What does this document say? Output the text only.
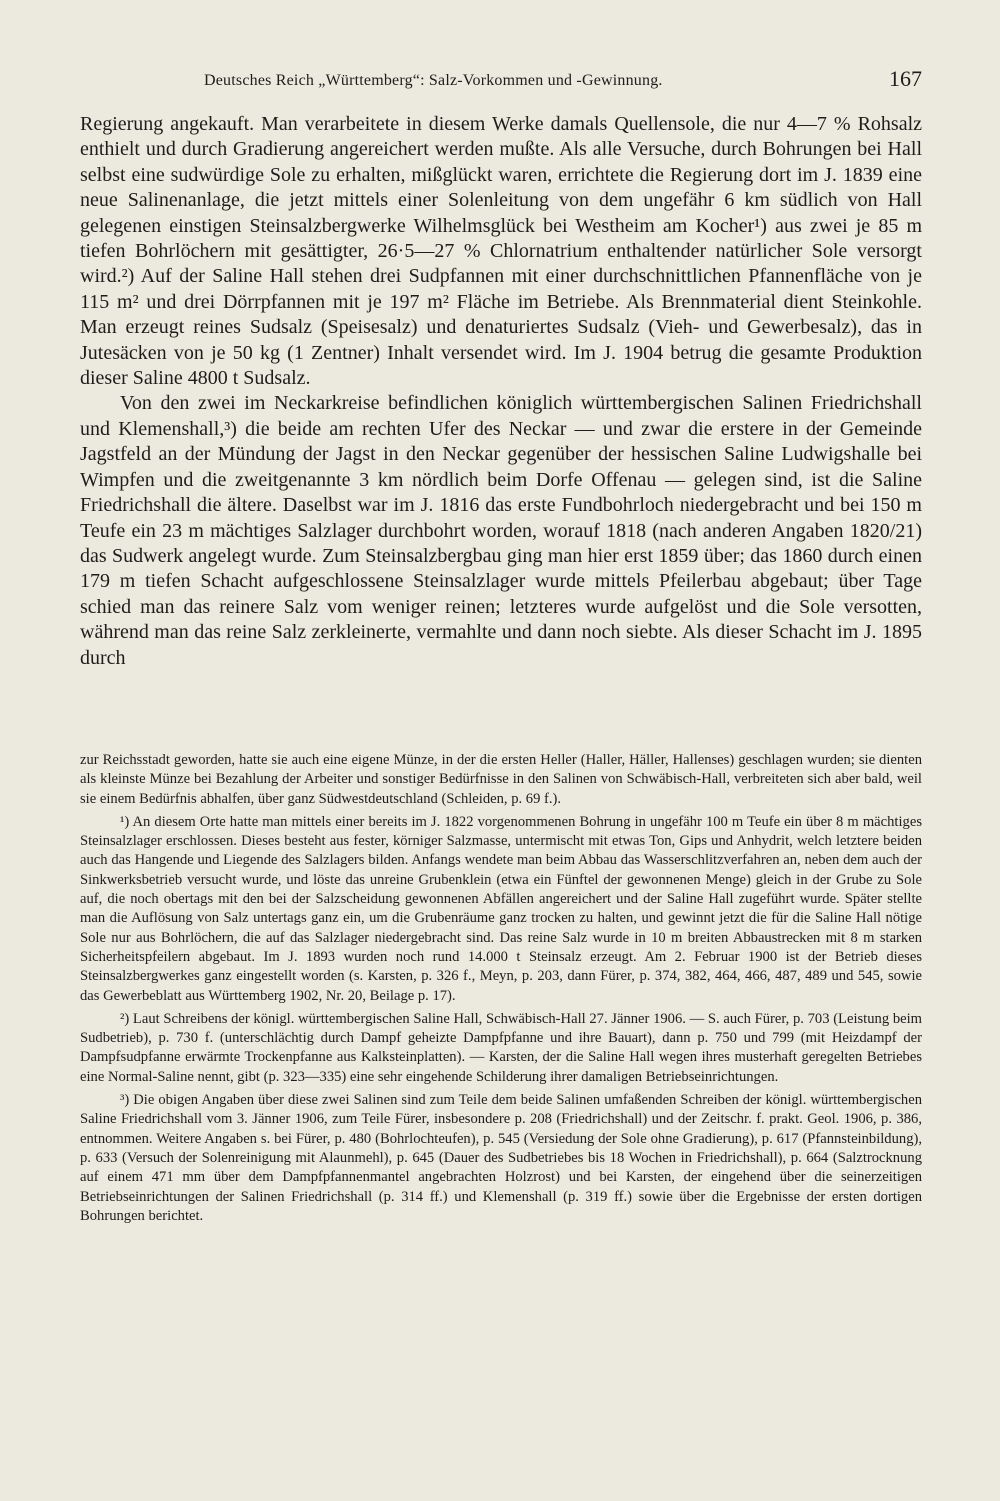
Deutsches Reich „Württemberg“: Salz-Vorkommen und -Gewinnung.	167

Regierung angekauft. Man verarbeitete in diesem Werke damals Quellensole, die nur 4—7 % Rohsalz enthielt und durch Gradierung angereichert werden mußte. Als alle Versuche, durch Bohrungen bei Hall selbst eine sudwürdige Sole zu erhalten, mißglückt waren, errichtete die Regierung dort im J. 1839 eine neue Salinenanlage, die jetzt mittels einer Solenleitung von dem ungefähr 6 km südlich von Hall gelegenen einstigen Steinsalzbergwerke Wilhelmsglück bei Westheim am Kocher¹) aus zwei je 85 m tiefen Bohrlöchern mit gesättigter, 26·5—27 % Chlornatrium enthaltender natürlicher Sole versorgt wird.²) Auf der Saline Hall stehen drei Sudpfannen mit einer durchschnittlichen Pfannenfläche von je 115 m² und drei Dörrpfannen mit je 197 m² Fläche im Betriebe. Als Brennmaterial dient Steinkohle. Man erzeugt reines Sudsalz (Speisesalz) und denaturiertes Sudsalz (Vieh- und Gewerbesalz), das in Jutesäcken von je 50 kg (1 Zentner) Inhalt versendet wird. Im J. 1904 betrug die gesamte Produktion dieser Saline 4800 t Sudsalz.

Von den zwei im Neckarkreise befindlichen königlich württembergischen Salinen Friedrichshall und Klemenshall,³) die beide am rechten Ufer des Neckar — und zwar die erstere in der Gemeinde Jagstfeld an der Mündung der Jagst in den Neckar gegenüber der hessischen Saline Ludwigshalle bei Wimpfen und die zweitgenannte 3 km nördlich beim Dorfe Offenau — gelegen sind, ist die Saline Friedrichshall die ältere. Daselbst war im J. 1816 das erste Fundbohrloch niedergebracht und bei 150 m Teufe ein 23 m mächtiges Salzlager durchbohrt worden, worauf 1818 (nach anderen Angaben 1820/21) das Sudwerk angelegt wurde. Zum Steinsalzbergbau ging man hier erst 1859 über; das 1860 durch einen 179 m tiefen Schacht aufgeschlossene Steinsalzlager wurde mittels Pfeilerbau abgebaut; über Tage schied man das reinere Salz vom weniger reinen; letzteres wurde aufgelöst und die Sole versotten, während man das reine Salz zerkleinerte, vermahlte und dann noch siebte. Als dieser Schacht im J. 1895 durch

zur Reichsstadt geworden, hatte sie auch eine eigene Münze, in der die ersten Heller (Haller, Häller, Hallenses) geschlagen wurden; sie dienten als kleinste Münze bei Bezahlung der Arbeiter und sonstiger Bedürfnisse in den Salinen von Schwäbisch-Hall, verbreiteten sich aber bald, weil sie einem Bedürfnis abhalfen, über ganz Südwestdeutschland (Schleiden, p. 69 f.).

¹) An diesem Orte hatte man mittels einer bereits im J. 1822 vorgenommenen Bohrung in ungefähr 100 m Teufe ein über 8 m mächtiges Steinsalzlager erschlossen. Dieses besteht aus fester, körniger Salzmasse, untermischt mit etwas Ton, Gips und Anhydrit, welch letztere beiden auch das Hangende und Liegende des Salzlagers bilden. Anfangs wendete man beim Abbau das Wasserschlitzverfahren an, neben dem auch der Sinkwerksbetrieb versucht wurde, und löste das unreine Grubenklein (etwa ein Fünftel der gewonnenen Menge) gleich in der Grube zu Sole auf, die noch obertags mit den bei der Salzscheidung gewonnenen Abfällen angereichert und der Saline Hall zugeführt wurde. Später stellte man die Auflösung von Salz untertags ganz ein, um die Grubenräume ganz trocken zu halten, und gewinnt jetzt die für die Saline Hall nötige Sole nur aus Bohrlöchern, die auf das Salzlager niedergebracht sind. Das reine Salz wurde in 10 m breiten Abbaustrecken mit 8 m starken Sicherheitspfeilern abgebaut. Im J. 1893 wurden noch rund 14.000 t Steinsalz erzeugt. Am 2. Februar 1900 ist der Betrieb dieses Steinsalzbergwerkes ganz eingestellt worden (s. Karsten, p. 326 f., Meyn, p. 203, dann Fürer, p. 374, 382, 464, 466, 487, 489 und 545, sowie das Gewerbeblatt aus Württemberg 1902, Nr. 20, Beilage p. 17).

²) Laut Schreibens der königl. württembergischen Saline Hall, Schwäbisch-Hall 27. Jänner 1906. — S. auch Fürer, p. 703 (Leistung beim Sudbetrieb), p. 730 f. (unterschlächtig durch Dampf geheizte Dampfpfanne und ihre Bauart), dann p. 750 und 799 (mit Heizdampf der Dampfsudpfanne erwärmte Trockenpfanne aus Kalksteinplatten). — Karsten, der die Saline Hall wegen ihres musterhaft geregelten Betriebes eine Normal-Saline nennt, gibt (p. 323—335) eine sehr eingehende Schilderung ihrer damaligen Betriebseinrichtungen.

³) Die obigen Angaben über diese zwei Salinen sind zum Teile dem beide Salinen umfaßenden Schreiben der königl. württembergischen Saline Friedrichshall vom 3. Jänner 1906, zum Teile Fürer, insbesondere p. 208 (Friedrichshall) und der Zeitschr. f. prakt. Geol. 1906, p. 386, entnommen. Weitere Angaben s. bei Fürer, p. 480 (Bohrlochteufen), p. 545 (Versiedung der Sole ohne Gradierung), p. 617 (Pfannsteinbildung), p. 633 (Versuch der Solenreinigung mit Alaunmehl), p. 645 (Dauer des Sudbetriebes bis 18 Wochen in Friedrichshall), p. 664 (Salztrocknung auf einem 471 mm über dem Dampfpfannenmantel angebrachten Holzrost) und bei Karsten, der eingehend über die seinerzeitigen Betriebseinrichtungen der Salinen Friedrichshall (p. 314 ff.) und Klemenshall (p. 319 ff.) sowie über die Ergebnisse der ersten dortigen Bohrungen berichtet.
